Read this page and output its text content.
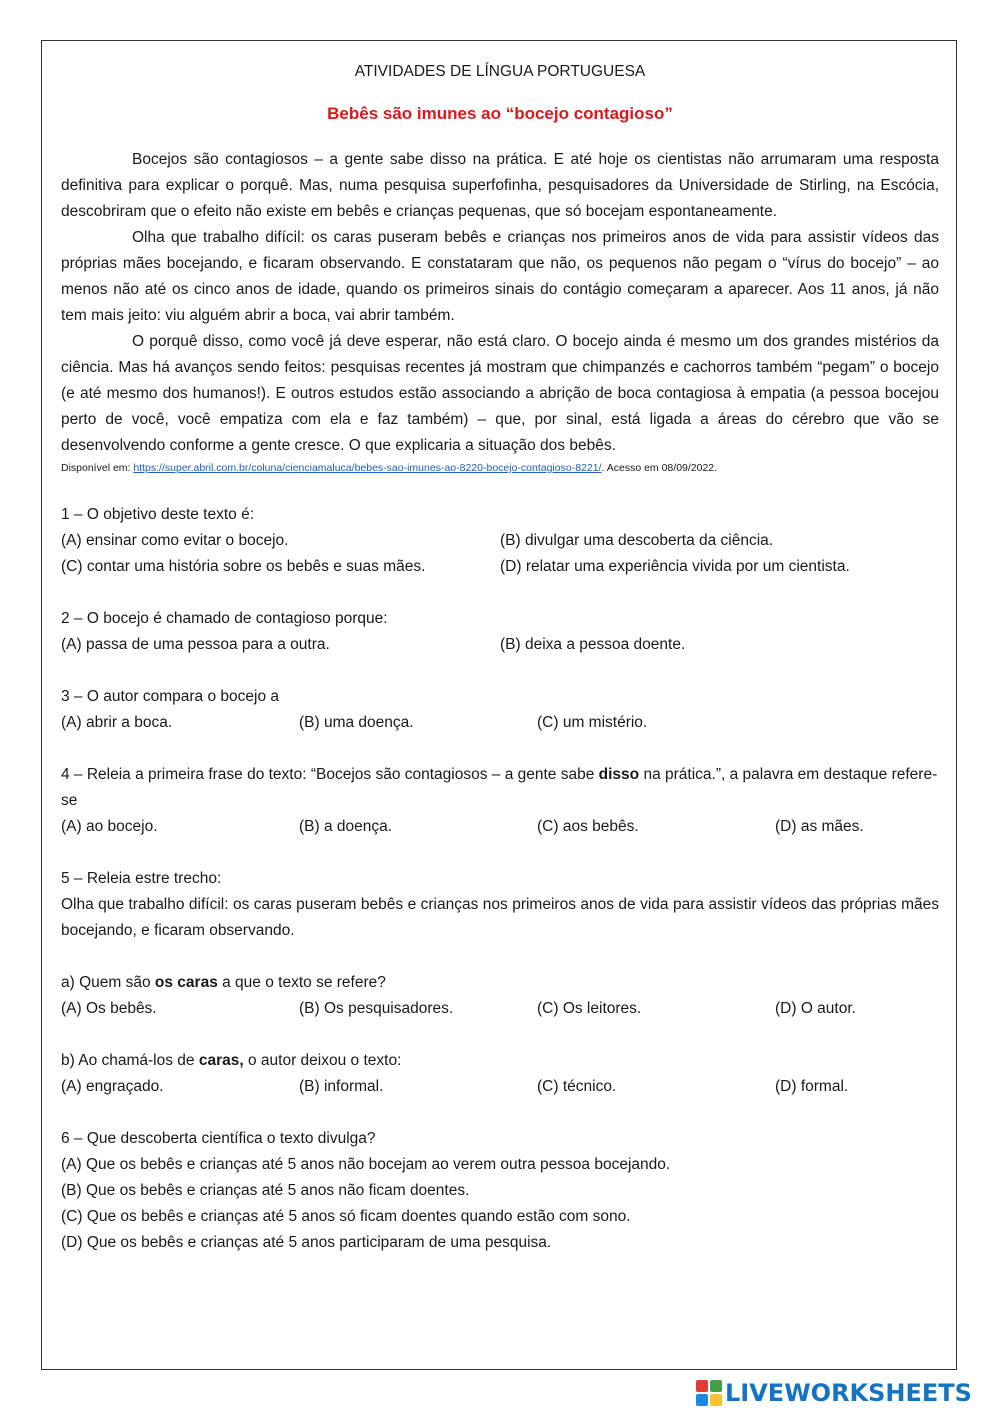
ATIVIDADES DE LÍNGUA PORTUGUESA
Bebês são imunes ao “bocejo contagioso”

Bocejos são contagiosos – a gente sabe disso na prática. E até hoje os cientistas não arrumaram uma resposta definitiva para explicar o porquê. Mas, numa pesquisa superfofinha, pesquisadores da Universidade de Stirling, na Escócia, descobriram que o efeito não existe em bebês e crianças pequenas, que só bocejam espontaneamente.

Olha que trabalho difícil: os caras puseram bebês e crianças nos primeiros anos de vida para assistir vídeos das próprias mães bocejando, e ficaram observando. E constataram que não, os pequenos não pegam o “vírus do bocejo” – ao menos não até os cinco anos de idade, quando os primeiros sinais do contágio começaram a aparecer. Aos 11 anos, já não tem mais jeito: viu alguém abrir a boca, vai abrir também.

O porquê disso, como você já deve esperar, não está claro. O bocejo ainda é mesmo um dos grandes mistérios da ciência. Mas há avanços sendo feitos: pesquisas recentes já mostram que chimpanzés e cachorros também “pegam” o bocejo (e até mesmo dos humanos!). E outros estudos estão associando a abrição de boca contagiosa à empatia (a pessoa bocejou perto de você, você empatiza com ela e faz também) – que, por sinal, está ligada a áreas do cérebro que vão se desenvolvendo conforme a gente cresce. O que explicaria a situação dos bebês.

Disponível em: https://super.abril.com.br/coluna/cienciamaluca/bebes-sao-imunes-ao-8220-bocejo-contagioso-8221/. Acesso em 08/09/2022.

1 – O objetivo deste texto é:

(A) ensinar como evitar o bocejo.	(B) divulgar uma descoberta da ciência.
(C) contar uma história sobre os bebês e suas mães.	(D) relatar uma experiência vivida por um cientista.

2 – O bocejo é chamado de contagioso porque:

(A) passa de uma pessoa para a outra.	(B) deixa a pessoa doente.

3 – O autor compara o bocejo a

(A) abrir a boca.	(B) uma doença.	(C) um mistério.

4 – Releia a primeira frase do texto: “Bocejos são contagiosos – a gente sabe disso na prática.”, a palavra em destaque refere-se

(A) ao bocejo.	(B) a doença.	(C) aos bebês.	(D) as mães.

5 – Releia estre trecho:

Olha que trabalho difícil: os caras puseram bebês e crianças nos primeiros anos de vida para assistir vídeos das próprias mães bocejando, e ficaram observando.

a) Quem são os caras a que o texto se refere?

(A) Os bebês.	(B) Os pesquisadores.	(C) Os leitores.	(D) O autor.

b) Ao chamá-los de caras, o autor deixou o texto:

(A) engraçado.	(B) informal.	(C) técnico.	(D) formal.

6 – Que descoberta científica o texto divulga?

(A) Que os bebês e crianças até 5 anos não bocejam ao verem outra pessoa bocejando.

(B) Que os bebês e crianças até 5 anos não ficam doentes.

(C) Que os bebês e crianças até 5 anos só ficam doentes quando estão com sono.

(D) Que os bebês e crianças até 5 anos participaram de uma pesquisa.

LIVEWORKSHEETS
